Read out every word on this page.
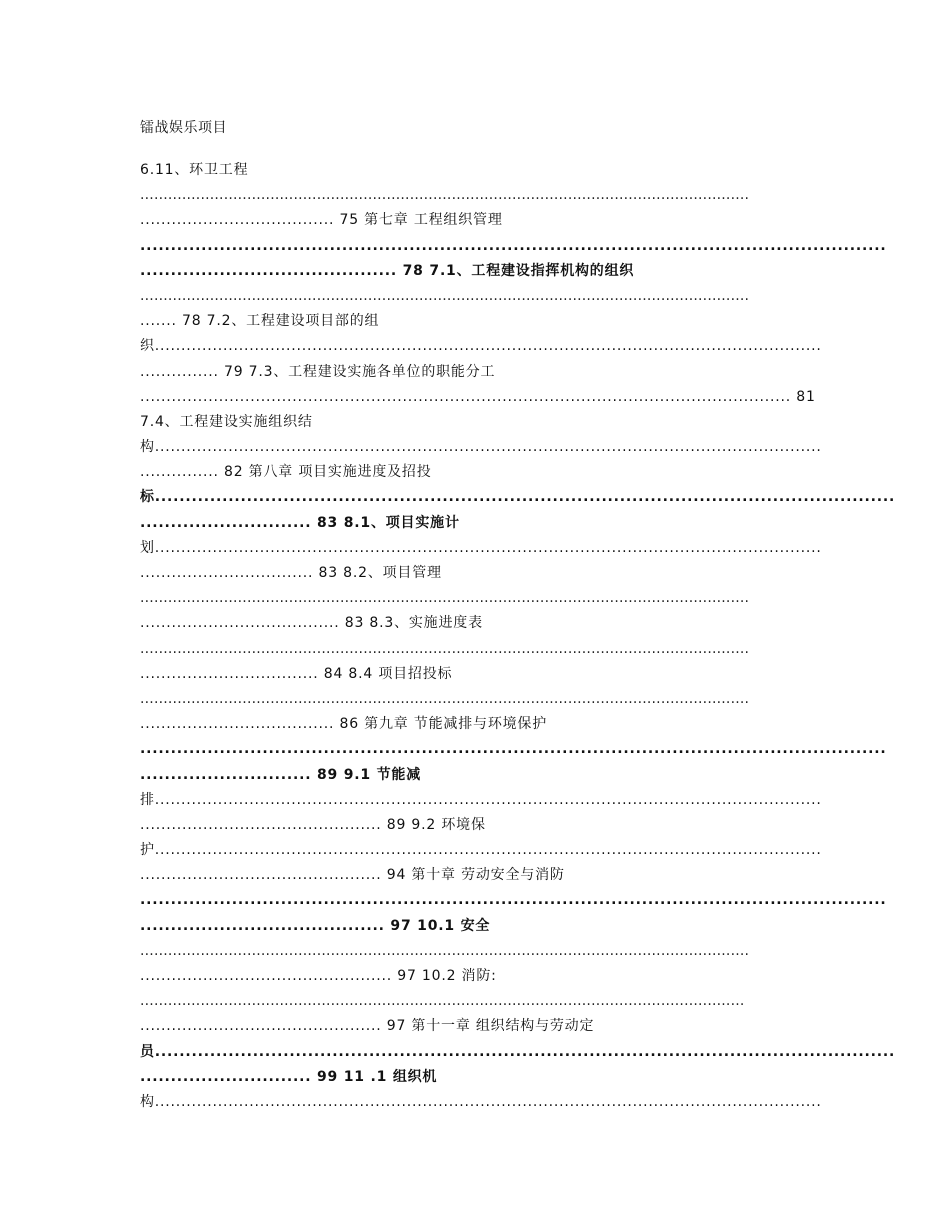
镭战娱乐项目
6.11、环卫工程
...................................................................................................................................
..................................... 75 第七章 工程组织管理
..........................................................................................................................
.......................................... 78 7.1、工程建设指挥机构的组织
...................................................................................................................................
....... 78 7.2、工程建设项目部的组
织...............................................................................................................................
............... 79 7.3、工程建设实施各单位的职能分工
............................................................................................................................ 81
7.4、工程建设实施组织结
构...............................................................................................................................
............... 82 第八章 项目实施进度及招投
标.........................................................................................................................
............................ 83 8.1、项目实施计
划...............................................................................................................................
................................. 83 8.2、项目管理
...................................................................................................................................
...................................... 83 8.3、实施进度表
...................................................................................................................................
.................................. 84 8.4 项目招投标
...................................................................................................................................
..................................... 86 第九章 节能减排与环境保护
..........................................................................................................................
............................ 89 9.1 节能减
排...............................................................................................................................
.............................................. 89 9.2 环境保
护...............................................................................................................................
.............................................. 94 第十章 劳动安全与消防
..........................................................................................................................
........................................ 97 10.1 安全
...................................................................................................................................
................................................ 97 10.2 消防:
..................................................................................................................................
.............................................. 97 第十一章 组织结构与劳动定
员.........................................................................................................................
............................ 99 11 .1 组织机
构...............................................................................................................................
